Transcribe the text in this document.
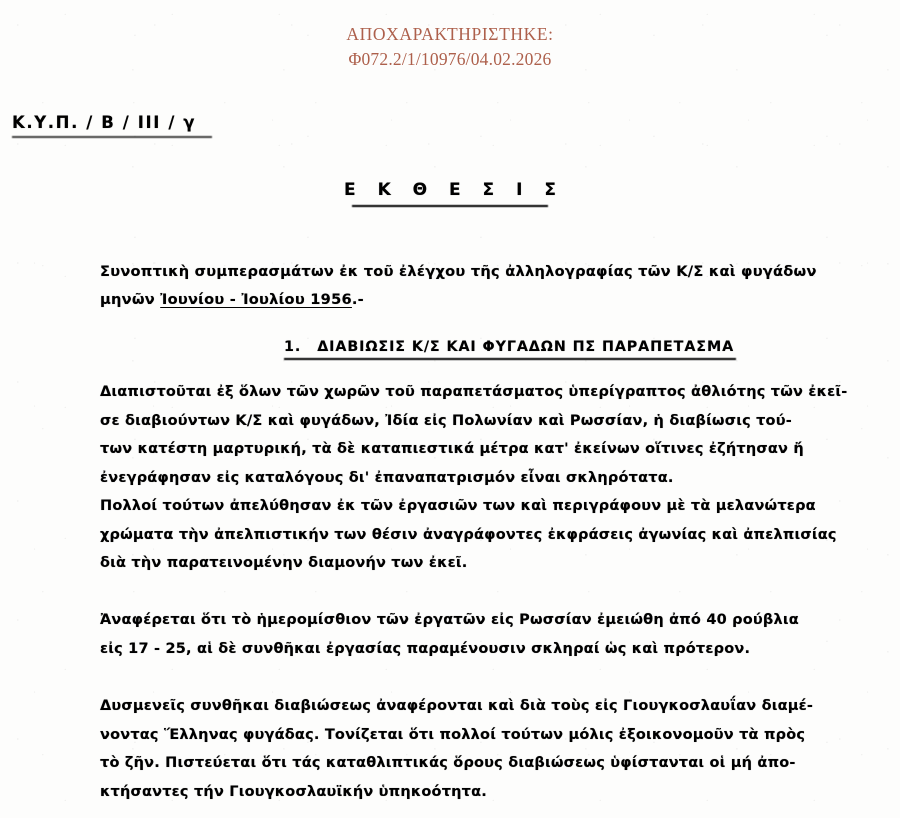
ΑΠΟΧΑΡΑΚΤΗΡΙΣΤΗΚΕ:
Φ072.2/1/10976/04.02.2026
Κ.Υ.Π. / Β / ΙΙΙ / γ
Ε Κ Θ Ε Σ Ι Σ
Συνοπτικὴ συμπερασμάτων ἐκ τοῦ ἐλέγχου τῆς ἀλληλογραφίας τῶν Κ/Σ καὶ φυγάδων
μηνῶν Ἰουνίου - Ἰουλίου 1956.-
1. ΔΙΑΒΙΩΣΙΣ Κ/Σ ΚΑΙ ΦΥΓΑΔΩΝ ΠΣ ΠΑΡΑΠΕΤΑΣΜΑ

Διαπιστοῦται ἐξ ὅλων τῶν χωρῶν τοῦ παραπετάσματος ὑπερίγραπτος ἀθλιότης τῶν ἐκεῖ-

σε διαβιούντων Κ/Σ καὶ φυγάδων, Ἰδία εἰς Πολωνίαν καὶ Ρωσσίαν, ἡ διαβίωσις τού-

των κατέστη μαρτυρική, τὰ δὲ καταπιεστικά μέτρα κατ' ἐκείνων οἵτινες ἐζήτησαν ἤ

ἐνεγράφησαν εἰς καταλόγους δι' ἐπαναπατρισμόν εἶναι σκληρότατα.

Πολλοί τούτων ἀπελύθησαν ἐκ τῶν ἐργασιῶν των καὶ περιγράφουν μὲ τὰ μελανώτερα

χρώματα τὴν ἀπελπιστικήν των θέσιν ἀναγράφοντες ἐκφράσεις ἀγωνίας καὶ ἀπελπισίας

διὰ τὴν παρατεινομένην διαμονήν των ἐκεῖ.

Ἀναφέρεται ὅτι τὸ ἡμερομίσθιον τῶν ἐργατῶν εἰς Ρωσσίαν ἐμειώθη ἀπό 40 ρούβλια

εἰς 17 - 25, αἱ δὲ συνθῆκαι ἐργασίας παραμένουσιν σκληραί ὡς καὶ πρότερον.

Δυσμενεῖς συνθῆκαι διαβιώσεως ἀναφέρονται καὶ διὰ τοὺς εἰς Γιουγκοσλαυΐαν διαμέ-

νοντας Ἕλληνας φυγάδας. Τονίζεται ὅτι πολλοί τούτων μόλις ἐξοικονομοῦν τὰ πρὸς

τὸ ζῆν. Πιστεύεται ὅτι τάς καταθλιπτικάς ὅρους διαβιώσεως ὑφίστανται οἱ μή ἀπο-

κτήσαντες τήν Γιουγκοσλαυϊκήν ὑπηκοότητα.
